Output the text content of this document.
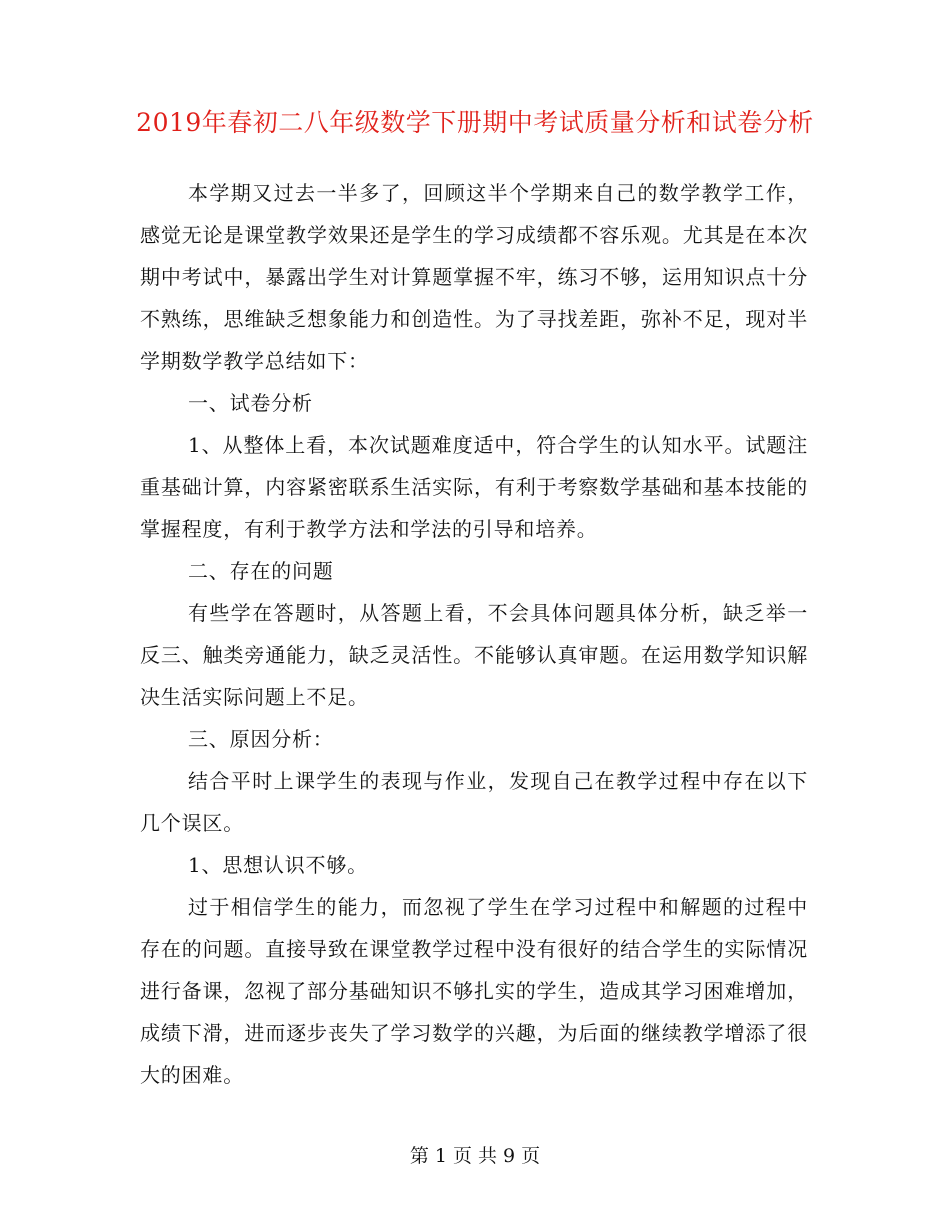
2019年春初二八年级数学下册期中考试质量分析和试卷分析

本学期又过去一半多了，回顾这半个学期来自己的数学教学工作，感觉无论是课堂教学效果还是学生的学习成绩都不容乐观。尤其是在本次期中考试中，暴露出学生对计算题掌握不牢，练习不够，运用知识点十分不熟练，思维缺乏想象能力和创造性。为了寻找差距，弥补不足，现对半学期数学教学总结如下：

一、试卷分析

1、从整体上看，本次试题难度适中，符合学生的认知水平。试题注重基础计算，内容紧密联系生活实际，有利于考察数学基础和基本技能的掌握程度，有利于教学方法和学法的引导和培养。

二、存在的问题

有些学在答题时，从答题上看，不会具体问题具体分析，缺乏举一反三、触类旁通能力，缺乏灵活性。不能够认真审题。在运用数学知识解决生活实际问题上不足。

三、原因分析：

结合平时上课学生的表现与作业，发现自己在教学过程中存在以下几个误区。

1、思想认识不够。

过于相信学生的能力，而忽视了学生在学习过程中和解题的过程中存在的问题。直接导致在课堂教学过程中没有很好的结合学生的实际情况进行备课，忽视了部分基础知识不够扎实的学生，造成其学习困难增加，成绩下滑，进而逐步丧失了学习数学的兴趣，为后面的继续教学增添了很大的困难。

第 1 页 共 9 页
